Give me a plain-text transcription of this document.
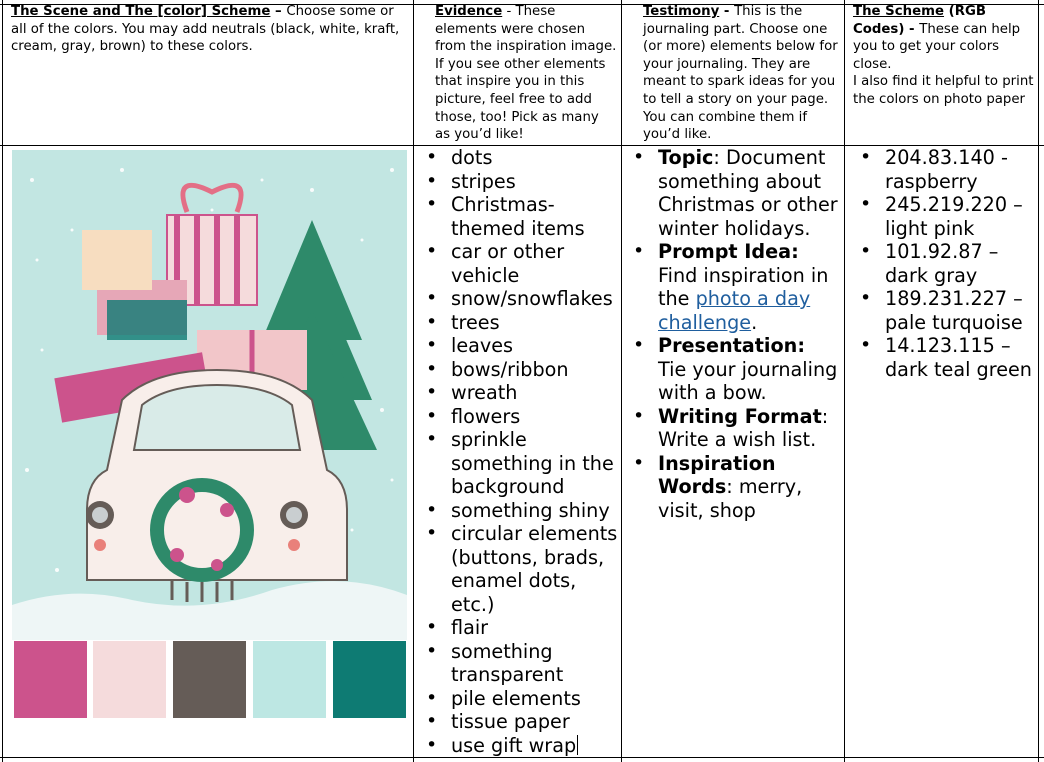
The Scene and The [color] Scheme – Choose some or all of the colors. You may add neutrals (black, white, kraft, cream, gray, brown) to these colors.
Evidence - These elements were chosen from the inspiration image. If you see other elements that inspire you in this picture, feel free to add those, too! Pick as many as you’d like!
Testimony - This is the journaling part. Choose one (or more) elements below for your journaling. They are meant to spark ideas for you to tell a story on your page. You can combine them if you’d like.
The Scheme (RGB Codes) - These can help you to get your colors close.
I also find it helpful to print the colors on photo paper
• dots
• stripes
• Christmas-themed items
• car or other vehicle
• snow/snowflakes
• trees
• leaves
• bows/ribbon
• wreath
• flowers
• sprinkle something in the background
• something shiny
• circular elements (buttons, brads, enamel dots, etc.)
• flair
• something transparent
• pile elements
• tissue paper
• use gift wrap
• Topic: Document something about Christmas or other winter holidays.
• Prompt Idea: Find inspiration in the photo a day challenge.
• Presentation: Tie your journaling with a bow.
• Writing Format: Write a wish list.
• Inspiration Words: merry, visit, shop
• 204.83.140 - raspberry
• 245.219.220 – light pink
• 101.92.87 – dark gray
• 189.231.227 – pale turquoise
• 14.123.115 – dark teal green
